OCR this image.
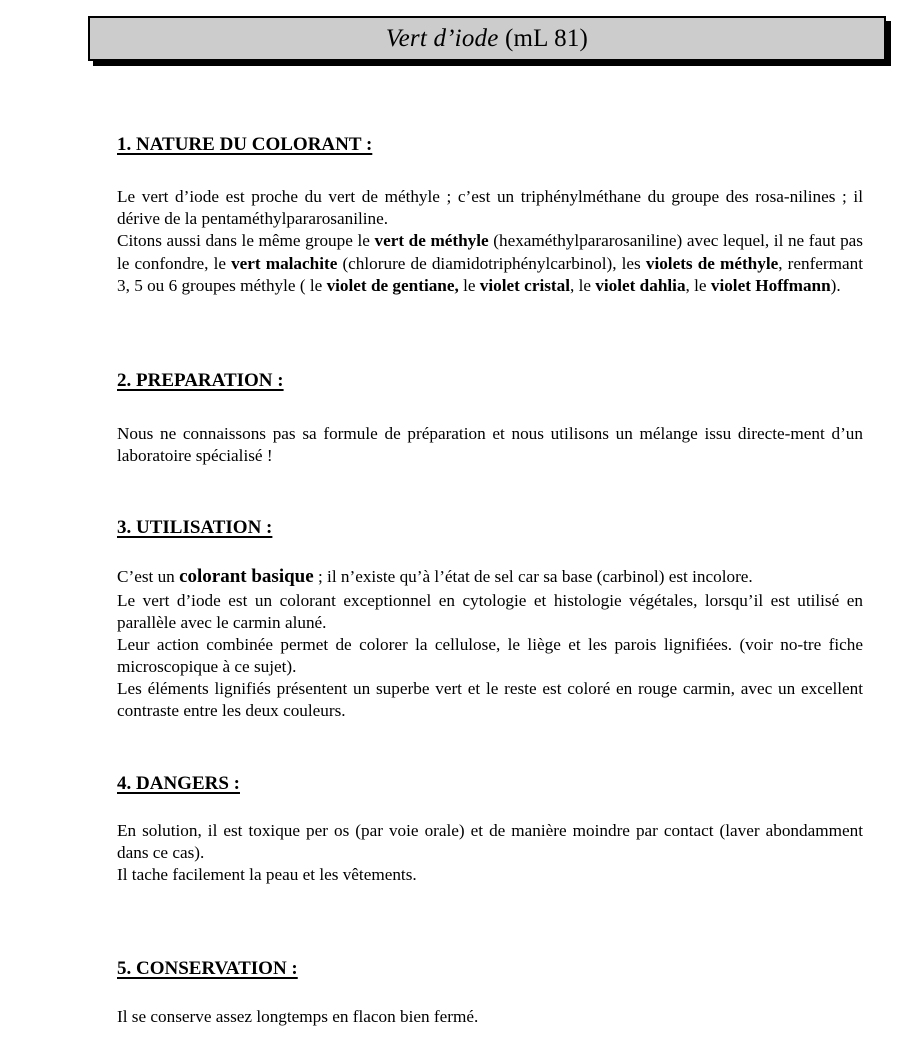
Vert d’iode (mL 81)
1. NATURE DU COLORANT :

Le vert d’iode est proche du vert de méthyle ; c’est un triphénylméthane du groupe des rosa-nilines ; il dérive de la pentaméthylpararosaniline.

Citons aussi dans le même groupe le vert de méthyle (hexaméthylpararosaniline) avec lequel, il ne faut pas le confondre, le vert malachite (chlorure de diamidotriphénylcarbinol), les violets de méthyle, renfermant 3, 5 ou 6 groupes méthyle ( le violet de gentiane, le violet cristal, le violet dahlia, le violet Hoffmann).

2. PREPARATION :

Nous ne connaissons pas sa formule de préparation et nous utilisons un mélange issu directe-ment d’un laboratoire spécialisé !

3. UTILISATION :

C’est un colorant basique ; il n’existe qu’à l’état de sel car sa base (carbinol) est incolore.

Le vert d’iode est un colorant exceptionnel en cytologie et histologie végétales, lorsqu’il est utilisé en parallèle avec le carmin aluné.

Leur action combinée permet de colorer la cellulose, le liège et les parois lignifiées. (voir no-tre fiche microscopique à ce sujet).

Les éléments lignifiés présentent un superbe vert et le reste est coloré en rouge carmin, avec un excellent contraste entre les deux couleurs.

4. DANGERS :

En solution, il est toxique per os (par voie orale) et de manière moindre par contact (laver abondamment dans ce cas).

Il tache facilement la peau et les vêtements.

5. CONSERVATION :

Il se conserve assez longtemps en flacon bien fermé.
